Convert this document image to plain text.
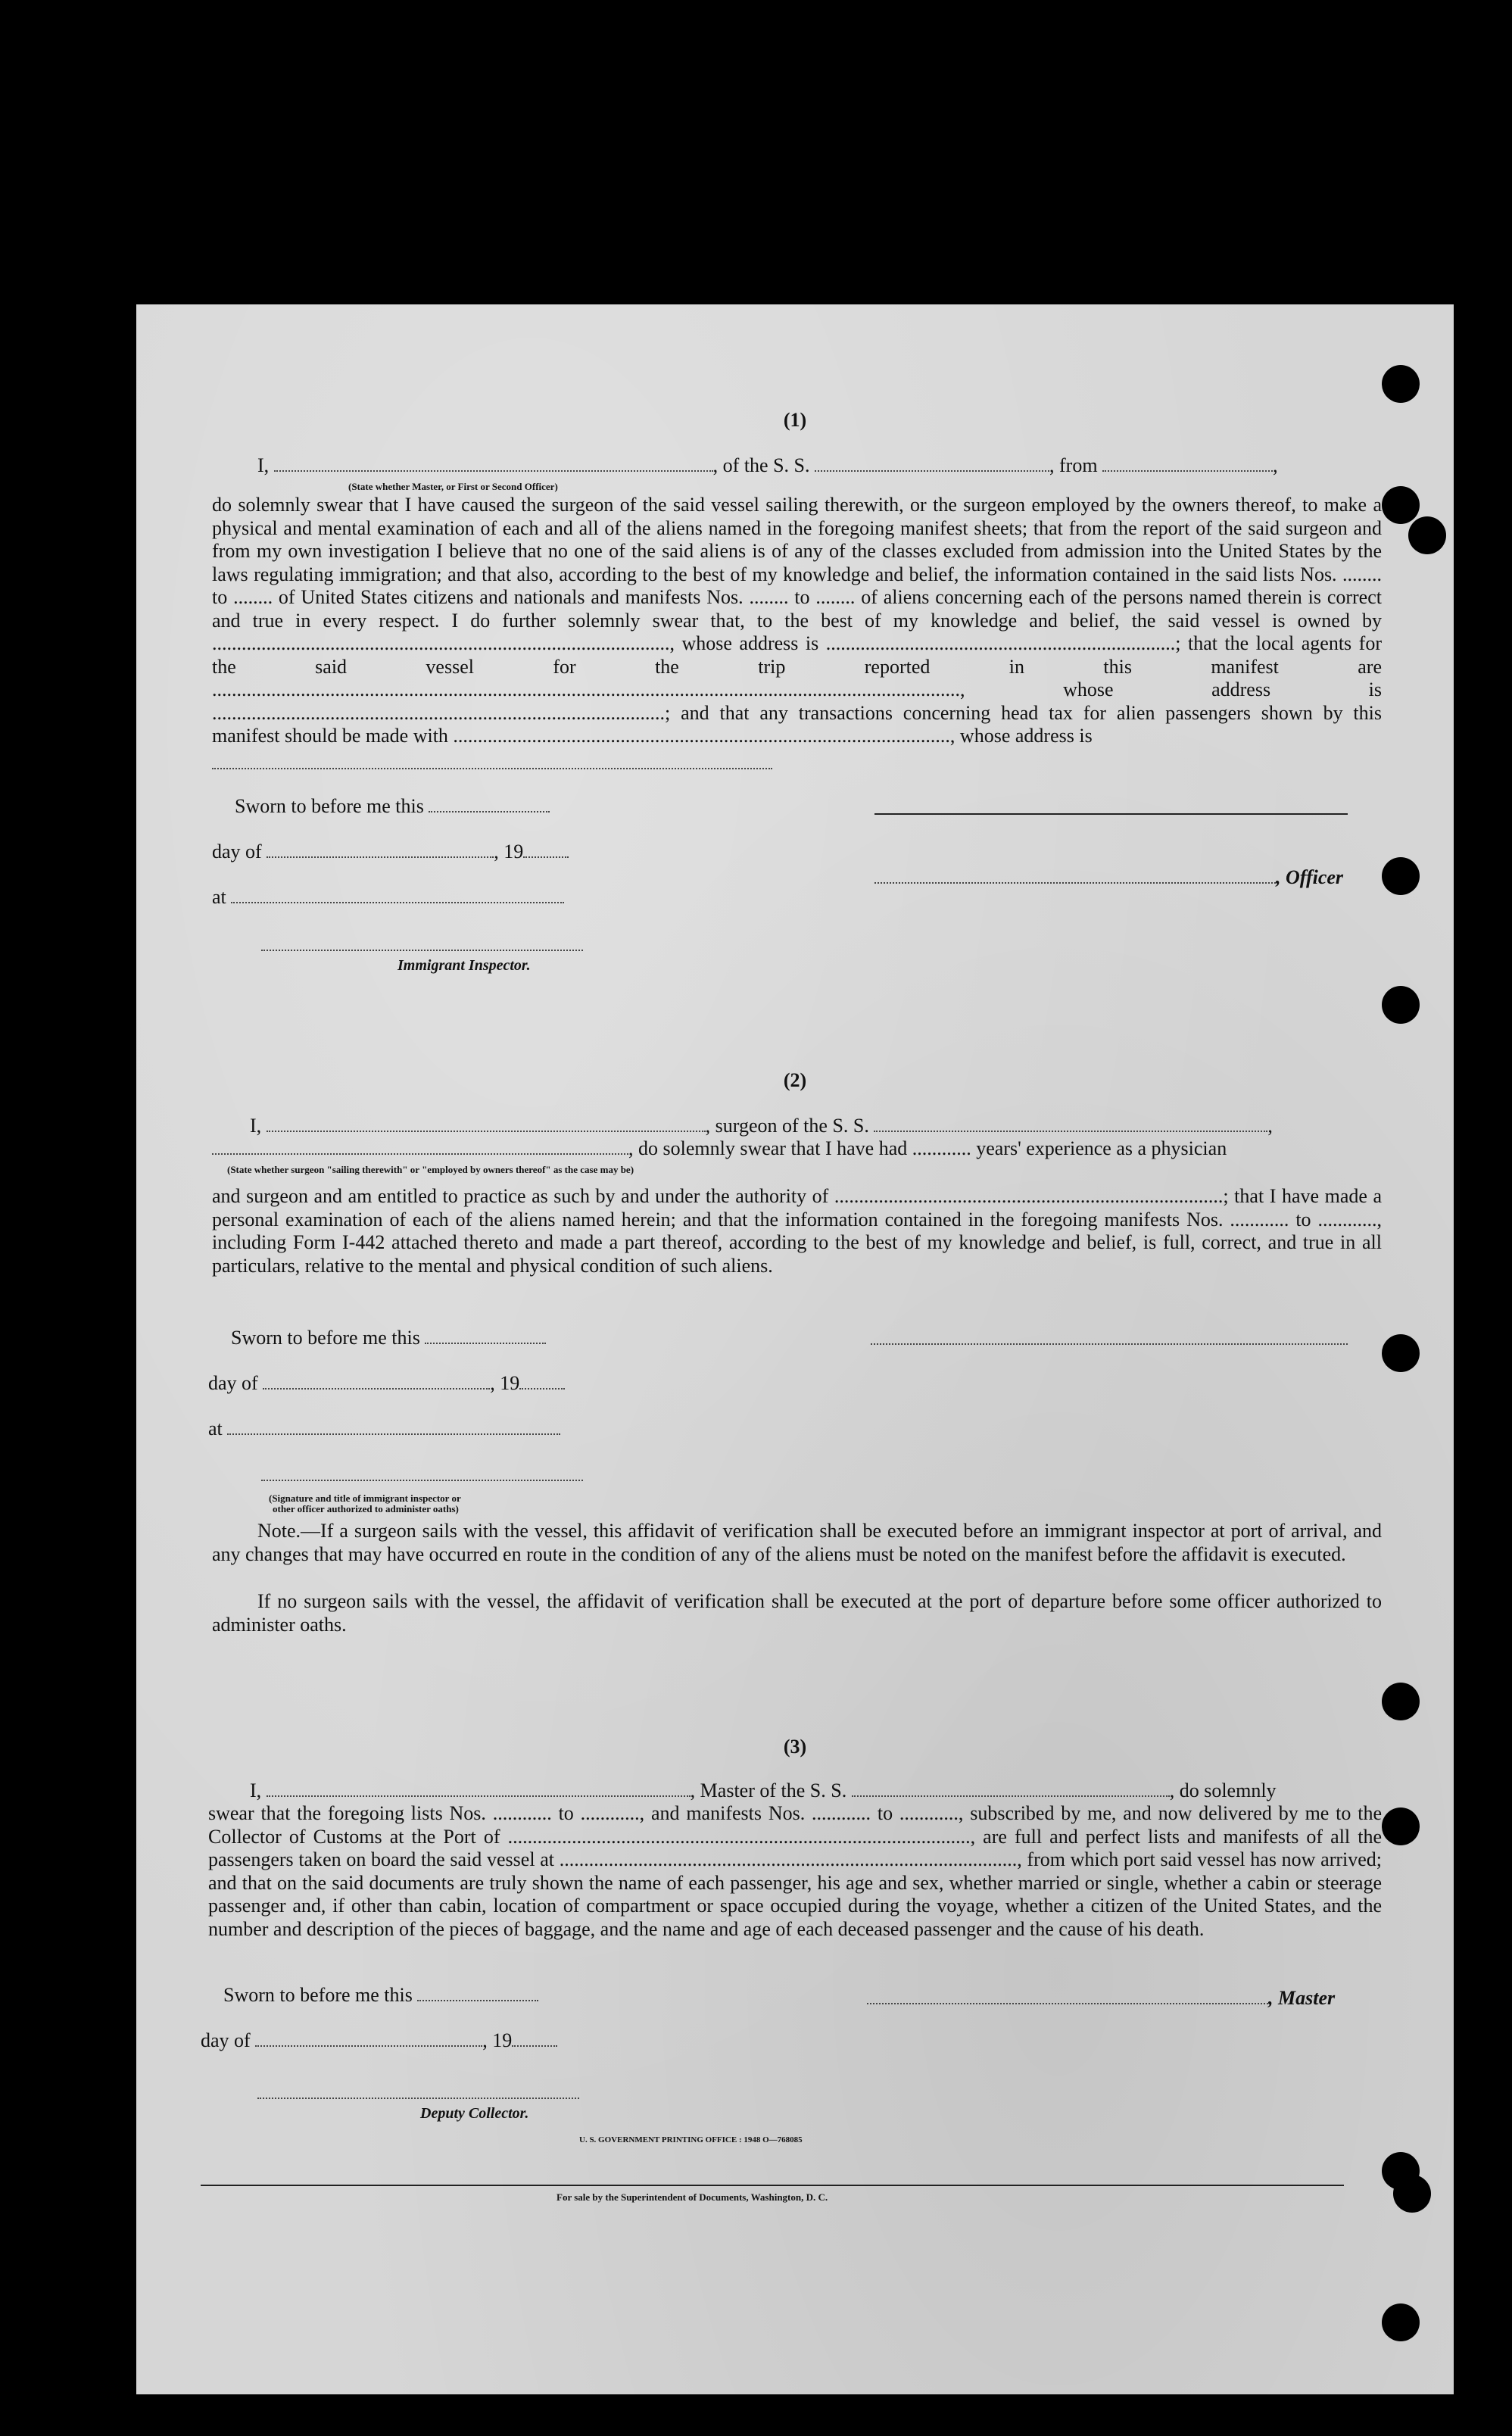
(1)
I,	, of the S. S.	, from	,
(State whether Master, or First or Second Officer)
do solemnly swear that I have caused the surgeon of the said vessel sailing therewith, or the surgeon employed by the owners thereof, to make a physical and mental examination of each and all of the aliens named in the foregoing manifest sheets; that from the report of the said surgeon and from my own investigation I believe that no one of the said aliens is of any of the classes excluded from admission into the United States by the laws regulating immigration; and that also, according to the best of my knowledge and belief, the information contained in the said lists Nos. ........ to ........ of United States citizens and nationals and manifests Nos. ........ to ........ of aliens concerning each of the persons named therein is correct and true in every respect. I do further solemnly swear that, to the best of my knowledge and belief, the said vessel is owned by ............................................................................................., whose address is .......................................................................; that the local agents for the said vessel for the trip reported in this manifest are ........................................................................................................................................................, whose address is ............................................................................................; and that any transactions concerning head tax for alien passengers shown by this manifest should be made with ....................................................................................................., whose address is
Sworn to before me this
day of	, 19
, Officer
at
Immigrant Inspector.
(2)
I,	, surgeon of the S. S.	,
, do solemnly swear that I have had ............ years' experience as a physician
(State whether surgeon "sailing therewith" or "employed by owners thereof" as the case may be)
and surgeon and am entitled to practice as such by and under the authority of ...............................................................................; that I have made a personal examination of each of the aliens named herein; and that the information contained in the foregoing manifests Nos. ............ to ............, including Form I-442 attached thereto and made a part thereof, according to the best of my knowledge and belief, is full, correct, and true in all particulars, relative to the mental and physical condition of such aliens.
Sworn to before me this
day of	, 19
at
(Signature and title of immigrant inspector or
other officer authorized to administer oaths)
Note.—If a surgeon sails with the vessel, this affidavit of verification shall be executed before an immigrant inspector at port of arrival, and any changes that may have occurred en route in the condition of any of the aliens must be noted on the manifest before the affidavit is executed.
If no surgeon sails with the vessel, the affidavit of verification shall be executed at the port of departure before some officer authorized to administer oaths.
(3)
I,	, Master of the S. S.	, do solemnly
swear that the foregoing lists Nos. ............ to ............, and manifests Nos. ............ to ............, subscribed by me, and now delivered by me to the Collector of Customs at the Port of .............................................................................................., are full and perfect lists and manifests of all the passengers taken on board the said vessel at ............................................................................................., from which port said vessel has now arrived; and that on the said documents are truly shown the name of each passenger, his age and sex, whether married or single, whether a cabin or steerage passenger and, if other than cabin, location of compartment or space occupied during the voyage, whether a citizen of the United States, and the number and description of the pieces of baggage, and the name and age of each deceased passenger and the cause of his death.
Sworn to before me this	, Master
day of	, 19
Deputy Collector.
U. S. GOVERNMENT PRINTING OFFICE : 1948 O—768085
For sale by the Superintendent of Documents, Washington, D. C.
